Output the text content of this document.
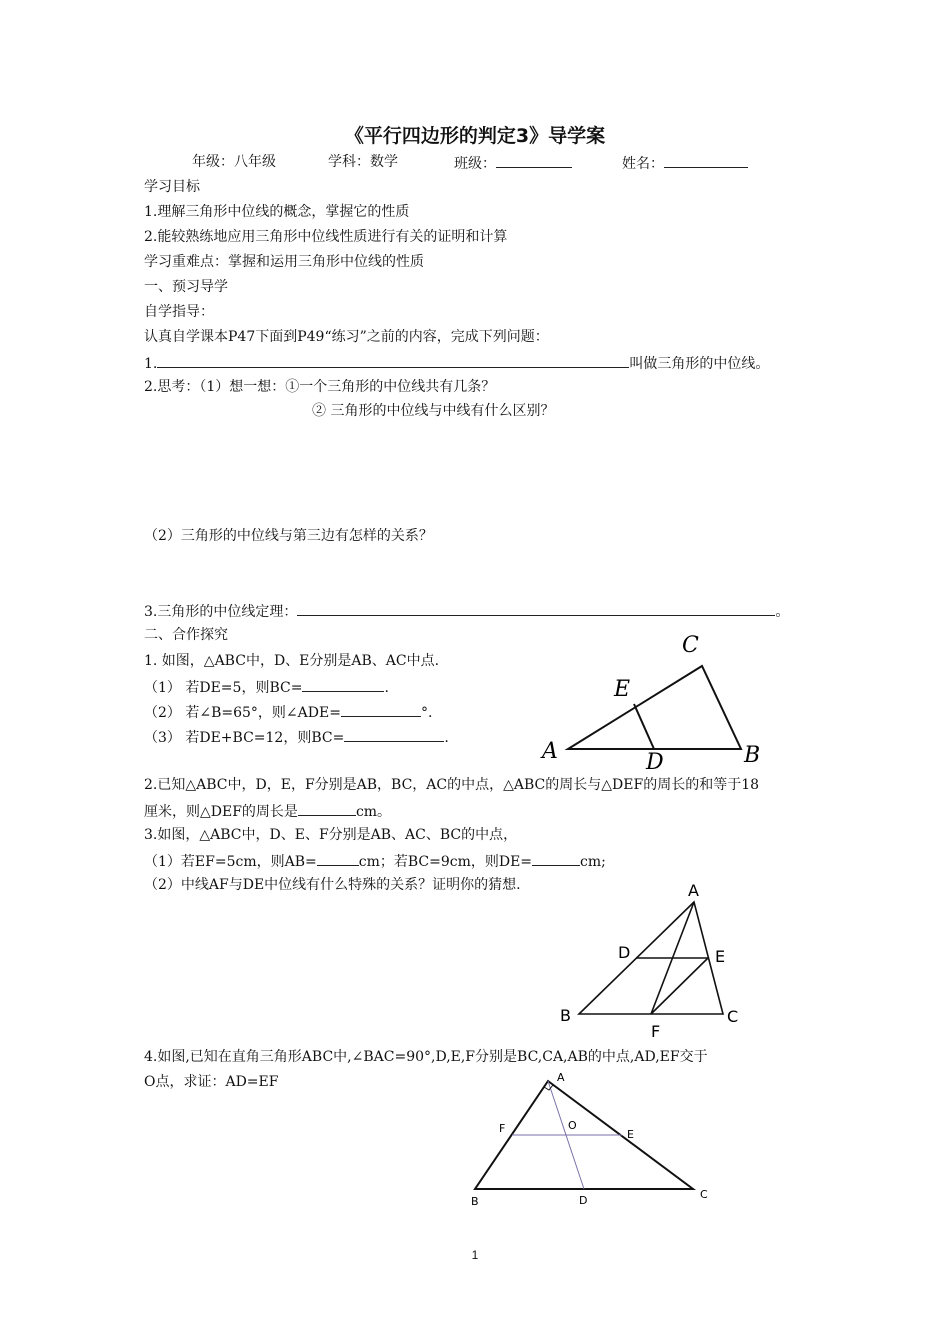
《平行四边形的判定3》导学案
年级：八年级	学科：数学	班级：	姓名：
学习目标
1.理解三角形中位线的概念，掌握它的性质
2.能较熟练地应用三角形中位线性质进行有关的证明和计算
学习重难点：掌握和运用三角形中位线的性质
一、预习导学
自学指导：
认真自学课本P47下面到P49“练习”之前的内容，完成下列问题：
1.	叫做三角形的中位线。
2.思考：（1）想一想：①一个三角形的中位线共有几条？
② 三角形的中位线与中线有什么区别？
（2）三角形的中位线与第三边有怎样的关系？
3.三角形的中位线定理：	。
二、合作探究
1. 如图，△ABC中，D、E分别是AB、AC中点.
（1） 若DE=5，则BC=	.
（2） 若∠B=65°，则∠ADE=	°.
（3） 若DE+BC=12，则BC=	.
2.已知△ABC中，D，E，F分别是AB，BC，AC的中点，△ABC的周长与△DEF的周长的和等于18
厘米，则△DEF的周长是	cm。
3.如图，△ABC中，D、E、F分别是AB、AC、BC的中点，
（1）若EF=5cm，则AB=	cm；若BC=9cm，则DE=	cm;
（2）中线AF与DE中位线有什么特殊的关系？证明你的猜想.
4.如图,已知在直角三角形ABC中,∠BAC=90°,D,E,F分别是BC,CA,AB的中点,AD,EF交于
O点，求证：AD=EF
C
E
A	B
D
A
D	E
B	C
F
A
F	O
E
B	D	C
1
